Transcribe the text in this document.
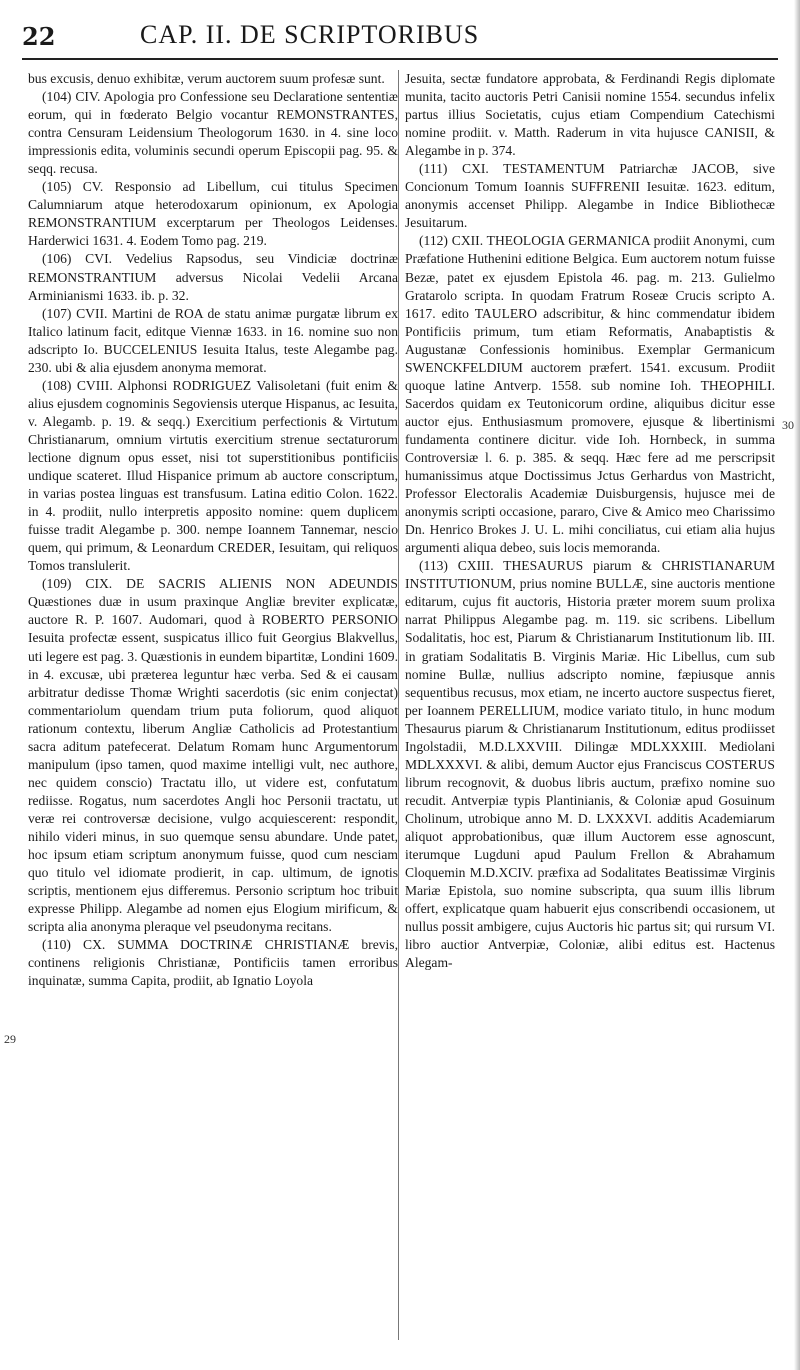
22	CAP. II. DE SCRIPTORIBUS

bus excusis, denuo exhibitæ, verum auctorem suum profesæ sunt.

(104) CIV. Apologia pro Confessione seu Declaratione sententiæ eorum, qui in fœderato Belgio vocantur REMONSTRANTES, contra Censuram Leidensium Theologorum 1630. in 4. sine loco impressionis edita, voluminis secundi operum Episcopii pag. 95. & seqq. recusa.

(105) CV. Responsio ad Libellum, cui titulus Specimen Calumniarum atque heterodoxarum opinionum, ex Apologia REMONSTRANTIUM excerptarum per Theologos Leidenses. Harderwici 1631. 4. Eodem Tomo pag. 219.

(106) CVI. Vedelius Rapsodus, seu Vindiciæ doctrinæ REMONSTRANTIUM adversus Nicolai Vedelii Arcana Arminianismi 1633. ib. p. 32.

(107) CVII. Martini de ROA de statu animæ purgatæ librum ex Italico latinum facit, editque Viennæ 1633. in 16. nomine suo non adscripto Io. BUCCELENIUS Iesuita Italus, teste Alegambe pag. 230. ubi & alia ejusdem anonyma memorat.

(108) CVIII. Alphonsi RODRIGUEZ Valisoletani (fuit enim & alius ejusdem cognominis Segoviensis uterque Hispanus, ac Iesuita, v. Alegamb. p. 19. & seqq.) Exercitium perfectionis & Virtutum Christianarum, omnium virtutis exercitium strenue sectaturorum lectione dignum opus esset, nisi tot superstitionibus pontificiis undique scateret. Illud Hispanice primum ab auctore conscriptum, in varias postea linguas est transfusum. Latina editio Colon. 1622. in 4. prodiit, nullo interpretis apposito nomine: quem duplicem fuisse tradit Alegambe p. 300. nempe Ioannem Tannemar, nescio quem, qui primum, & Leonardum CREDER, Iesuitam, qui reliquos Tomos translulerit.

(109) CIX. DE SACRIS ALIENIS NON ADEUNDIS Quæstiones duæ in usum praxinque Angliæ breviter explicatæ, auctore R. P. 1607. Audomari, quod à ROBERTO PERSONIO Iesuita profectæ essent, suspicatus illico fuit Georgius Blakvellus, uti legere est pag. 3. Quæstionis in eundem bipartitæ, Londini 1609. in 4. excusæ, ubi præterea leguntur hæc verba. Sed & ei causam arbitratur dedisse Thomæ Wrighti sacerdotis (sic enim conjectat) commentariolum quendam trium puta foliorum, quod aliquot rationum contextu, liberum Angliæ Catholicis ad Protestantium sacra aditum patefecerat. Delatum Romam hunc Argumentorum manipulum (ipso tamen, quod maxime intelligi vult, nec authore, nec quidem conscio) Tractatu illo, ut videre est, confutatum rediisse. Rogatus, num sacerdotes Angli hoc Personii tractatu, ut veræ rei controversæ decisione, vulgo acquiescerent: respondit, nihilo videri minus, in suo quemque sensu abundare. Unde patet, hoc ipsum etiam scriptum anonymum fuisse, quod cum nesciam quo titulo vel idiomate prodierit, in cap. ultimum, de ignotis scriptis, mentionem ejus differemus. Personio scriptum hoc tribuit expresse Philipp. Alegambe ad nomen ejus Elogium mirificum, & scripta alia anonyma pleraque vel pseudonyma recitans.

(110) CX. SUMMA DOCTRINÆ CHRISTIANÆ brevis, continens religionis Christianæ, Pontificiis tamen erroribus inquinatæ, summa Capita, prodiit, ab Ignatio Loyola

Jesuita, sectæ fundatore approbata, & Ferdinandi Regis diplomate munita, tacito auctoris Petri Canisii nomine 1554. secundus infelix partus illius Societatis, cujus etiam Compendium Catechismi nomine prodiit. v. Matth. Raderum in vita hujusce CANISII, & Alegambe in p. 374.

(111) CXI. TESTAMENTUM Patriarchæ JACOB, sive Concionum Tomum Ioannis SUFFRENII Iesuitæ. 1623. editum, anonymis accenset Philipp. Alegambe in Indice Bibliothecæ Jesuitarum.

(112) CXII. THEOLOGIA GERMANICA prodiit Anonymi, cum Præfatione Huthenini editione Belgica. Eum auctorem notum fuisse Bezæ, patet ex ejusdem Epistola 46. pag. m. 213. Gulielmo Gratarolo scripta. In quodam Fratrum Roseæ Crucis scripto A. 1617. edito TAULERO adscribitur, & hinc commendatur ibidem Pontificiis primum, tum etiam Reformatis, Anabaptistis & Augustanæ Confessionis hominibus. Exemplar Germanicum SWENCKFELDIUM auctorem præfert. 1541. excusum. Prodiit quoque latine Antverp. 1558. sub nomine Ioh. THEOPHILI. Sacerdos quidam ex Teutonicorum ordine, aliquibus dicitur esse auctor ejus. Enthusiasmum promovere, ejusque & libertinismi fundamenta continere dicitur. vide Ioh. Hornbeck, in summa Controversiæ l. 6. p. 385. & seqq. Hæc fere ad me perscripsit humanissimus atque Doctissimus Jctus Gerhardus von Mastricht, Professor Electoralis Academiæ Duisburgensis, hujusce mei de anonymis scripti occasione, pararo, Cive & Amico meo Charissimo Dn. Henrico Brokes J. U. L. mihi conciliatus, cui etiam alia hujus argumenti aliqua debeo, suis locis memoranda.

(113) CXIII. THESAURUS piarum & CHRISTIANARUM INSTITUTIONUM, prius nomine BULLÆ, sine auctoris mentione editarum, cujus fit auctoris, Historia præter morem suum prolixa narrat Philippus Alegambe pag. m. 119. sic scribens. Libellum Sodalitatis, hoc est, Piarum & Christianarum Institutionum lib. III. in gratiam Sodalitatis B. Virginis Mariæ. Hic Libellus, cum sub nomine Bullæ, nullius adscripto nomine, fæpiusque annis sequentibus recusus, mox etiam, ne incerto auctore suspectus fieret, per Ioannem PERELLIUM, modice variato titulo, in hunc modum Thesaurus piarum & Christianarum Institutionum, editus prodiisset Ingolstadii, M.D.LXXVIII. Dilingæ MDLXXXIII. Mediolani MDLXXXVI. & alibi, demum Auctor ejus Franciscus COSTERUS librum recognovit, & duobus libris auctum, præfixo nomine suo recudit. Antverpiæ typis Plantinianis, & Coloniæ apud Gosuinum Cholinum, utrobique anno M. D. LXXXVI. additis Academiarum aliquot approbationibus, quæ illum Auctorem esse agnoscunt, iterumque Lugduni apud Paulum Frellon & Abrahamum Cloquemin M.D.XCIV. præfixa ad Sodalitates Beatissimæ Virginis Mariæ Epistola, suo nomine subscripta, qua suum illis librum offert, explicatque quam habuerit ejus conscribendi occasionem, ut nullus possit ambigere, cujus Auctoris hic partus sit; qui rursum VI. libro auctior Antverpiæ, Coloniæ, alibi editus est. Hactenus Alegam-

29
30
